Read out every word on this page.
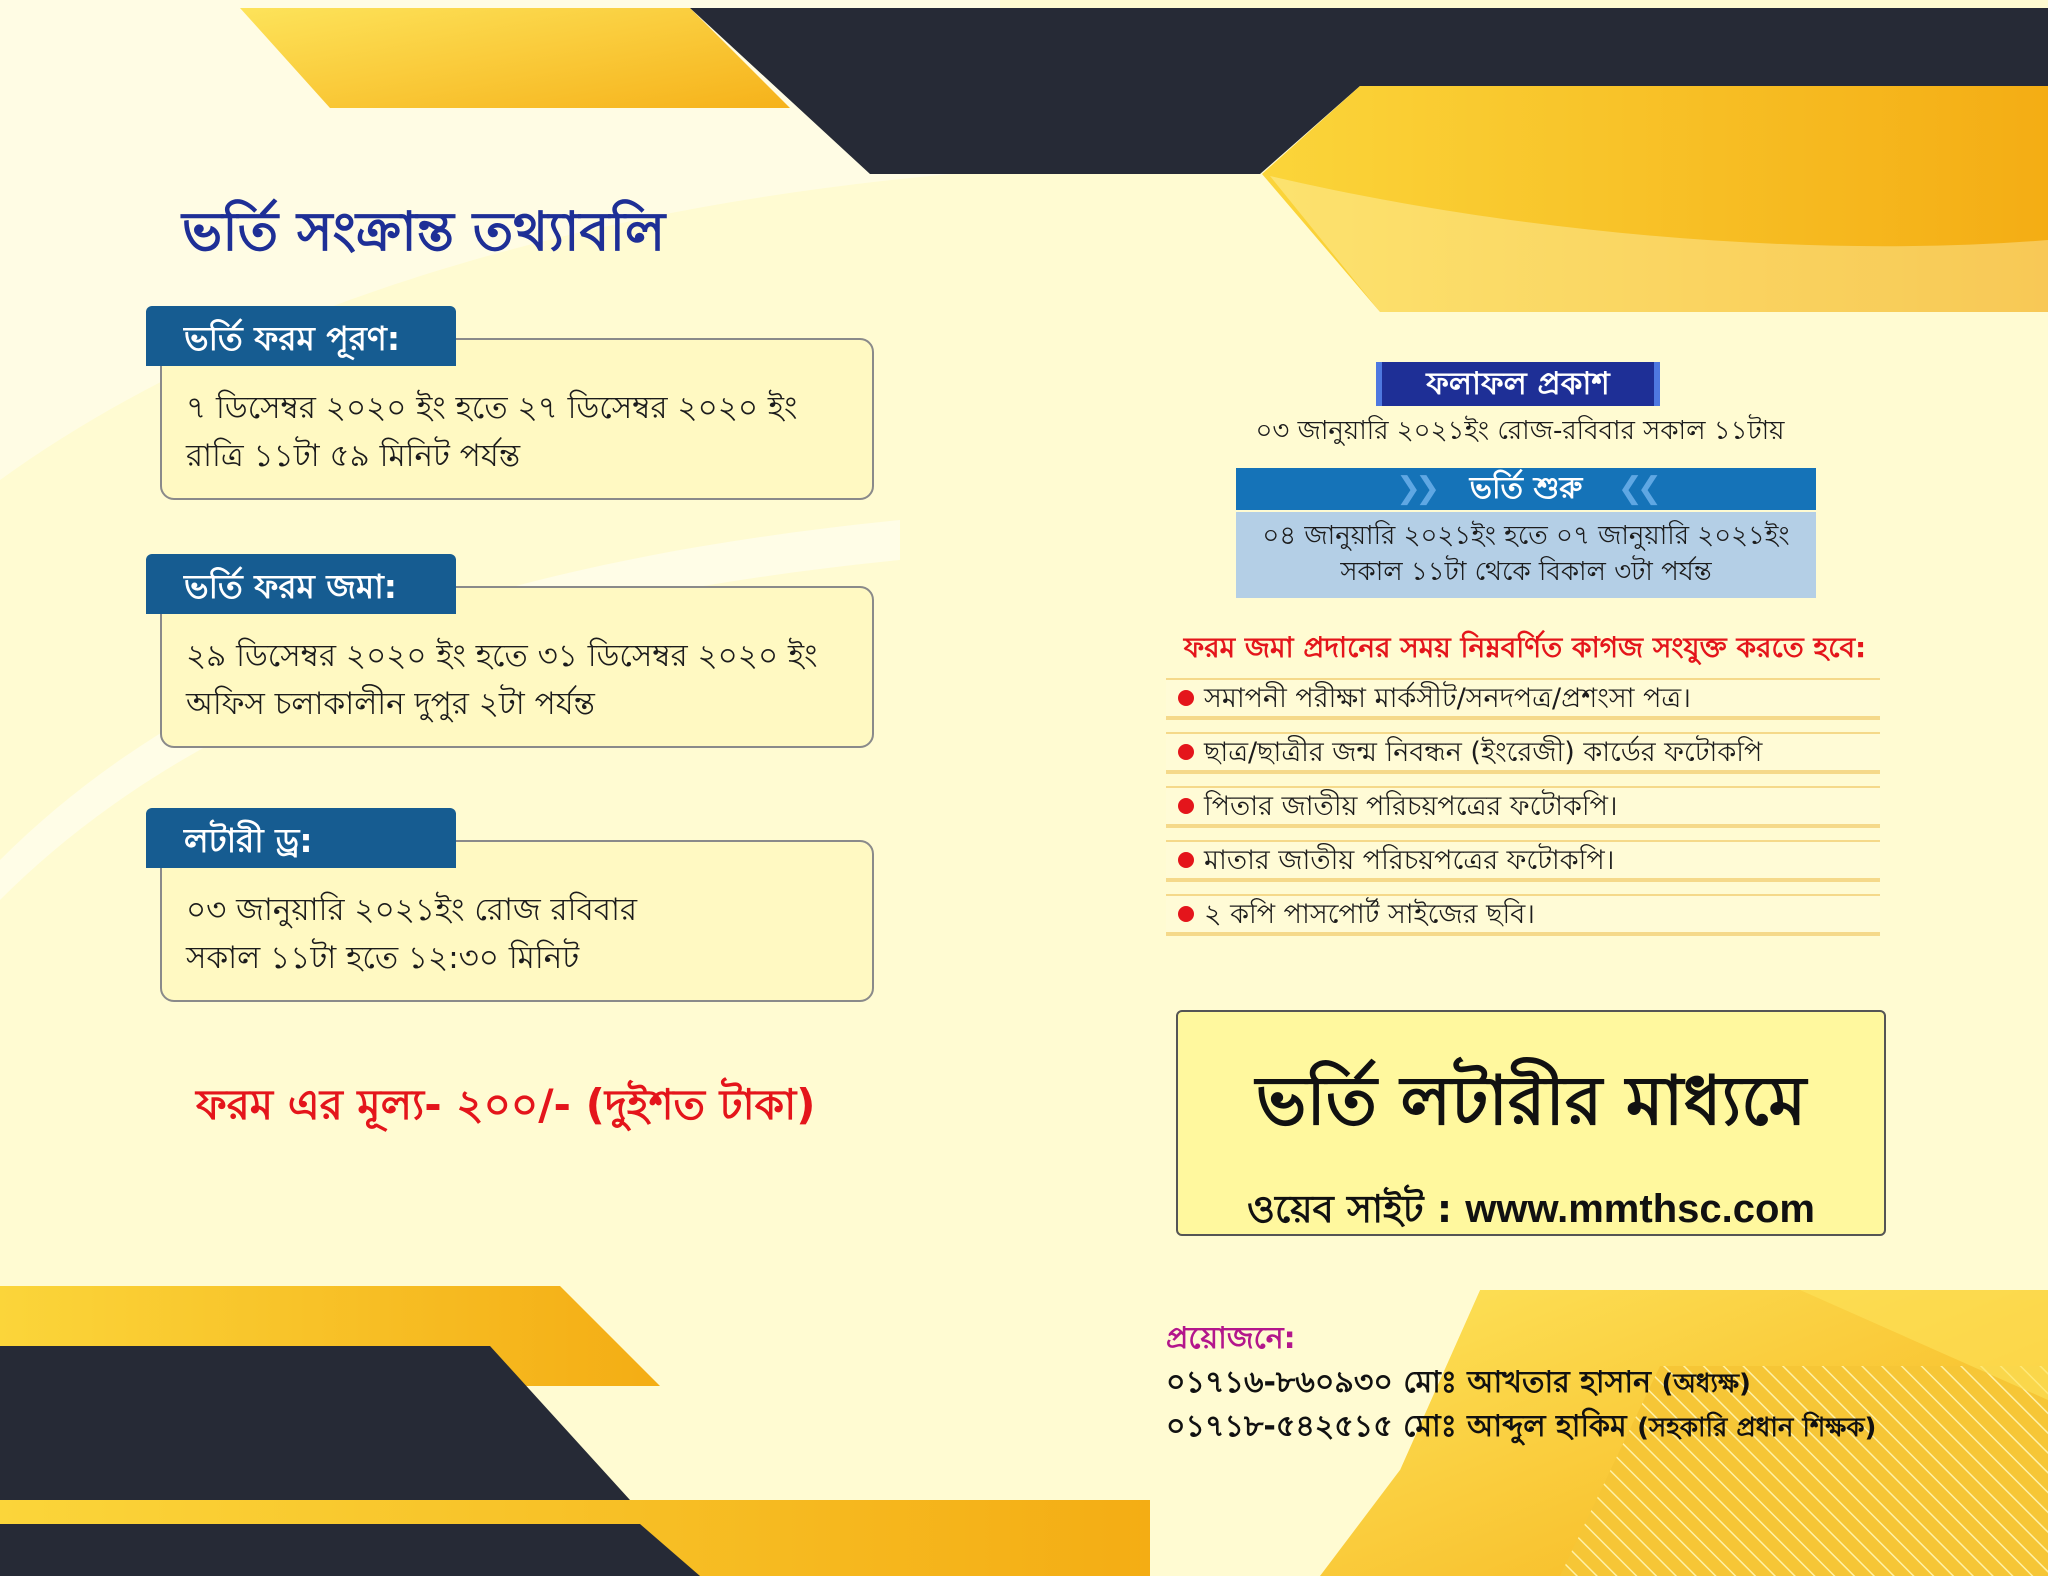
ভর্তি সংক্রান্ত তথ্যাবলি
ভর্তি ফরম পূরণ:
৭ ডিসেম্বর ২০২০ ইং হতে ২৭ ডিসেম্বর ২০২০ ইং
রাত্রি ১১টা ৫৯ মিনিট পর্যন্ত
ভর্তি ফরম জমা:
২৯ ডিসেম্বর ২০২০ ইং হতে ৩১ ডিসেম্বর ২০২০ ইং
অফিস চলাকালীন দুপুর ২টা পর্যন্ত
লটারী ড্র:
০৩ জানুয়ারি ২০২১ইং রোজ রবিবার
সকাল ১১টা হতে ১২:৩০ মিনিট
ফরম এর মূল্য- ২০০/- (দুইশত টাকা)
ফলাফল প্রকাশ
০৩ জানুয়ারি ২০২১ইং রোজ-রবিবার সকাল ১১টায়
❯❯ ভর্তি শুরু ❮❮
০৪ জানুয়ারি ২০২১ইং হতে ০৭ জানুয়ারি ২০২১ইং
সকাল ১১টা থেকে বিকাল ৩টা পর্যন্ত
ফরম জমা প্রদানের সময় নিম্নবর্ণিত কাগজ সংযুক্ত করতে হবে:
সমাপনী পরীক্ষা মার্কসীট/সনদপত্র/প্রশংসা পত্র।
ছাত্র/ছাত্রীর জন্ম নিবন্ধন (ইংরেজী) কার্ডের ফটোকপি
পিতার জাতীয় পরিচয়পত্রের ফটোকপি।
মাতার জাতীয় পরিচয়পত্রের ফটোকপি।
২ কপি পাসপোর্ট সাইজের ছবি।
ভর্তি লটারীর মাধ্যমে
ওয়েব সাইট : www.mmthsc.com
প্রয়োজনে:
০১৭১৬-৮৬০৯৩০ মোঃ আখতার হাসান (অধ্যক্ষ)
০১৭১৮-৫৪২৫১৫ মোঃ আব্দুল হাকিম (সহকারি প্রধান শিক্ষক)
